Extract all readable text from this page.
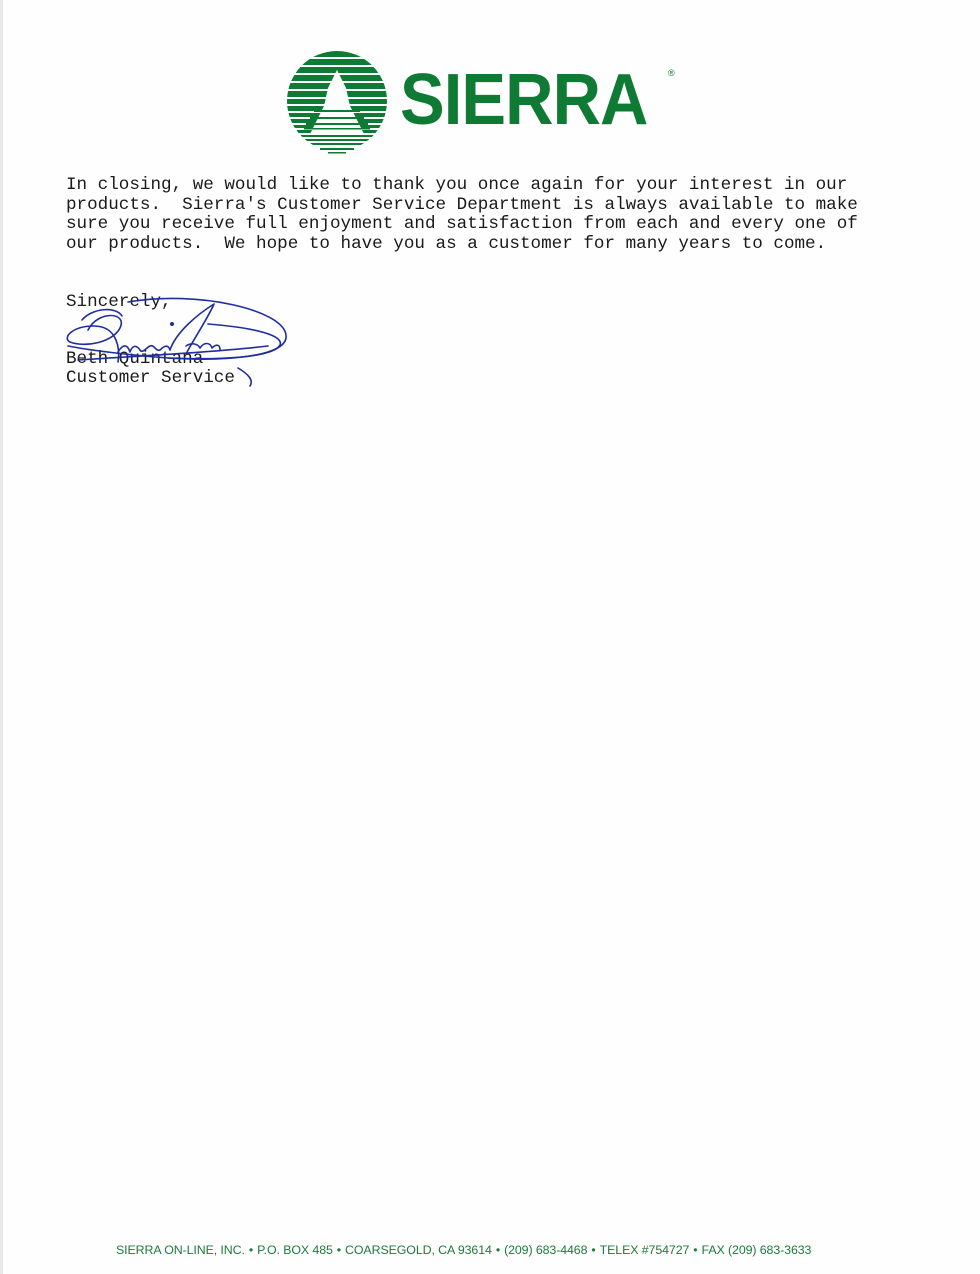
SIERRA ®
In closing, we would like to thank you once again for your interest in our
products.  Sierra's Customer Service Department is always available to make
sure you receive full enjoyment and satisfaction from each and every one of
our products.  We hope to have you as a customer for many years to come.
Sincerely,
Beth Quintana
Customer Service
SIERRA ON-LINE, INC. • P.O. BOX 485 • COARSEGOLD, CA 93614 • (209) 683-4468 • TELEX #754727 • FAX (209) 683-3633
